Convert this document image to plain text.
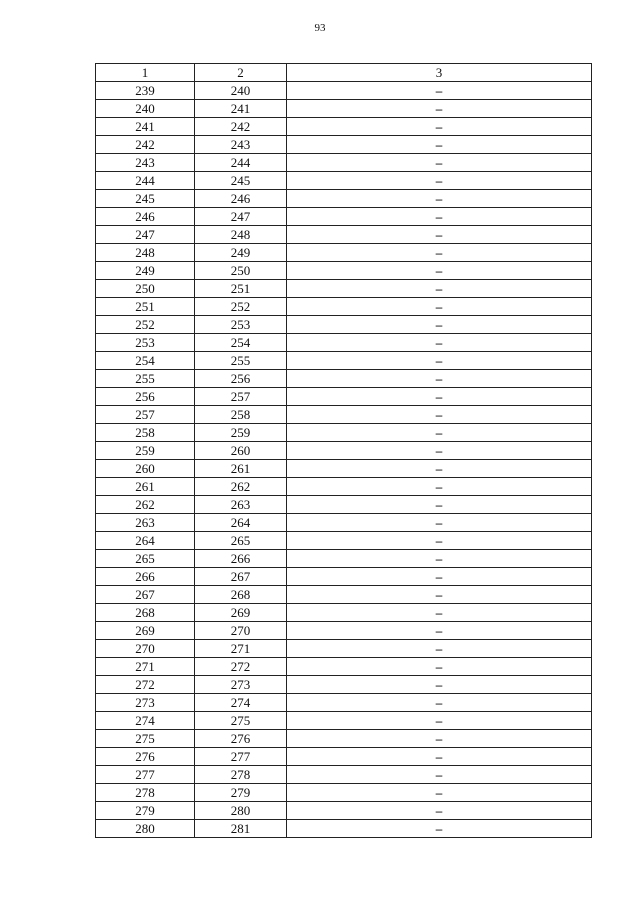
93
1	2	3
239	240	–
240	241	–
241	242	–
242	243	–
243	244	–
244	245	–
245	246	–
246	247	–
247	248	–
248	249	–
249	250	–
250	251	–
251	252	–
252	253	–
253	254	–
254	255	–
255	256	–
256	257	–
257	258	–
258	259	–
259	260	–
260	261	–
261	262	–
262	263	–
263	264	–
264	265	–
265	266	–
266	267	–
267	268	–
268	269	–
269	270	–
270	271	–
271	272	–
272	273	–
273	274	–
274	275	–
275	276	–
276	277	–
277	278	–
278	279	–
279	280	–
280	281	–
